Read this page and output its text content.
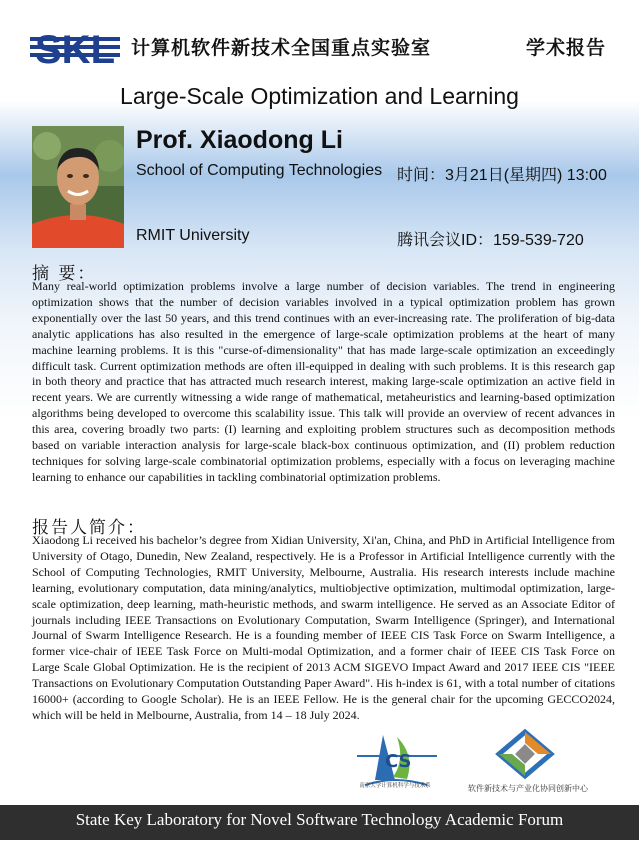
SKL 计算机软件新技术全国重点实验室	学术报告
Large-Scale Optimization and Learning
Prof. Xiaodong Li
School of Computing Technologies 时间：3月21日(星期四) 13:00
RMIT University	腾讯会议ID：159-539-720
摘 要：

Many real-world optimization problems involve a large number of decision variables. The trend in engineering optimization shows that the number of decision variables involved in a typical optimization problem has grown exponentially over the last 50 years, and this trend continues with an ever-increasing rate. The proliferation of big-data analytic applications has also resulted in the emergence of large-scale optimization problems at the heart of many machine learning problems. It is this "curse-of-dimensionality" that has made large-scale optimization an exceedingly difficult task. Current optimization methods are often ill-equipped in dealing with such problems. It is this research gap in both theory and practice that has attracted much research interest, making large-scale optimization an active field in recent years. We are currently witnessing a wide range of mathematical, metaheuristics and learning-based optimization algorithms being developed to overcome this scalability issue. This talk will provide an overview of recent advances in this area, covering broadly two parts: (I) learning and exploiting problem structures such as decomposition methods based on variable interaction analysis for large-scale black-box continuous optimization, and (II) problem reduction techniques for solving large-scale combinatorial optimization problems, especially with a focus on leveraging machine learning to enhance our capabilities in tackling combinatorial optimization problems.

报告人简介：

Xiaodong Li received his bachelor’s degree from Xidian University, Xi'an, China, and PhD in Artificial Intelligence from University of Otago, Dunedin, New Zealand, respectively. He is a Professor in Artificial Intelligence currently with the School of Computing Technologies, RMIT University, Melbourne, Australia. His research interests include machine learning, evolutionary computation, data mining/analytics, multiobjective optimization, multimodal optimization, large-scale optimization, deep learning, math-heuristic methods, and swarm intelligence. He served as an Associate Editor of journals including IEEE Transactions on Evolutionary Computation, Swarm Intelligence (Springer), and International Journal of Swarm Intelligence Research. He is a founding member of IEEE CIS Task Force on Swarm Intelligence, a former vice-chair of IEEE Task Force on Multi-modal Optimization, and a former chair of IEEE CIS Task Force on Large Scale Global Optimization. He is the recipient of 2013 ACM SIGEVO Impact Award and 2017 IEEE CIS "IEEE Transactions on Evolutionary Computation Outstanding Paper Award". His h-index is 61, with a total number of citations 16000+ (according to Google Scholar). He is an IEEE Fellow. He is the general chair for the upcoming GECCO2024, which will be held in Melbourne, Australia, from 14 – 18 July 2024.

CS
南京大学计算机科学与技术系	软件新技术与产业化协同创新中心
State Key Laboratory for Novel Software Technology Academic Forum
